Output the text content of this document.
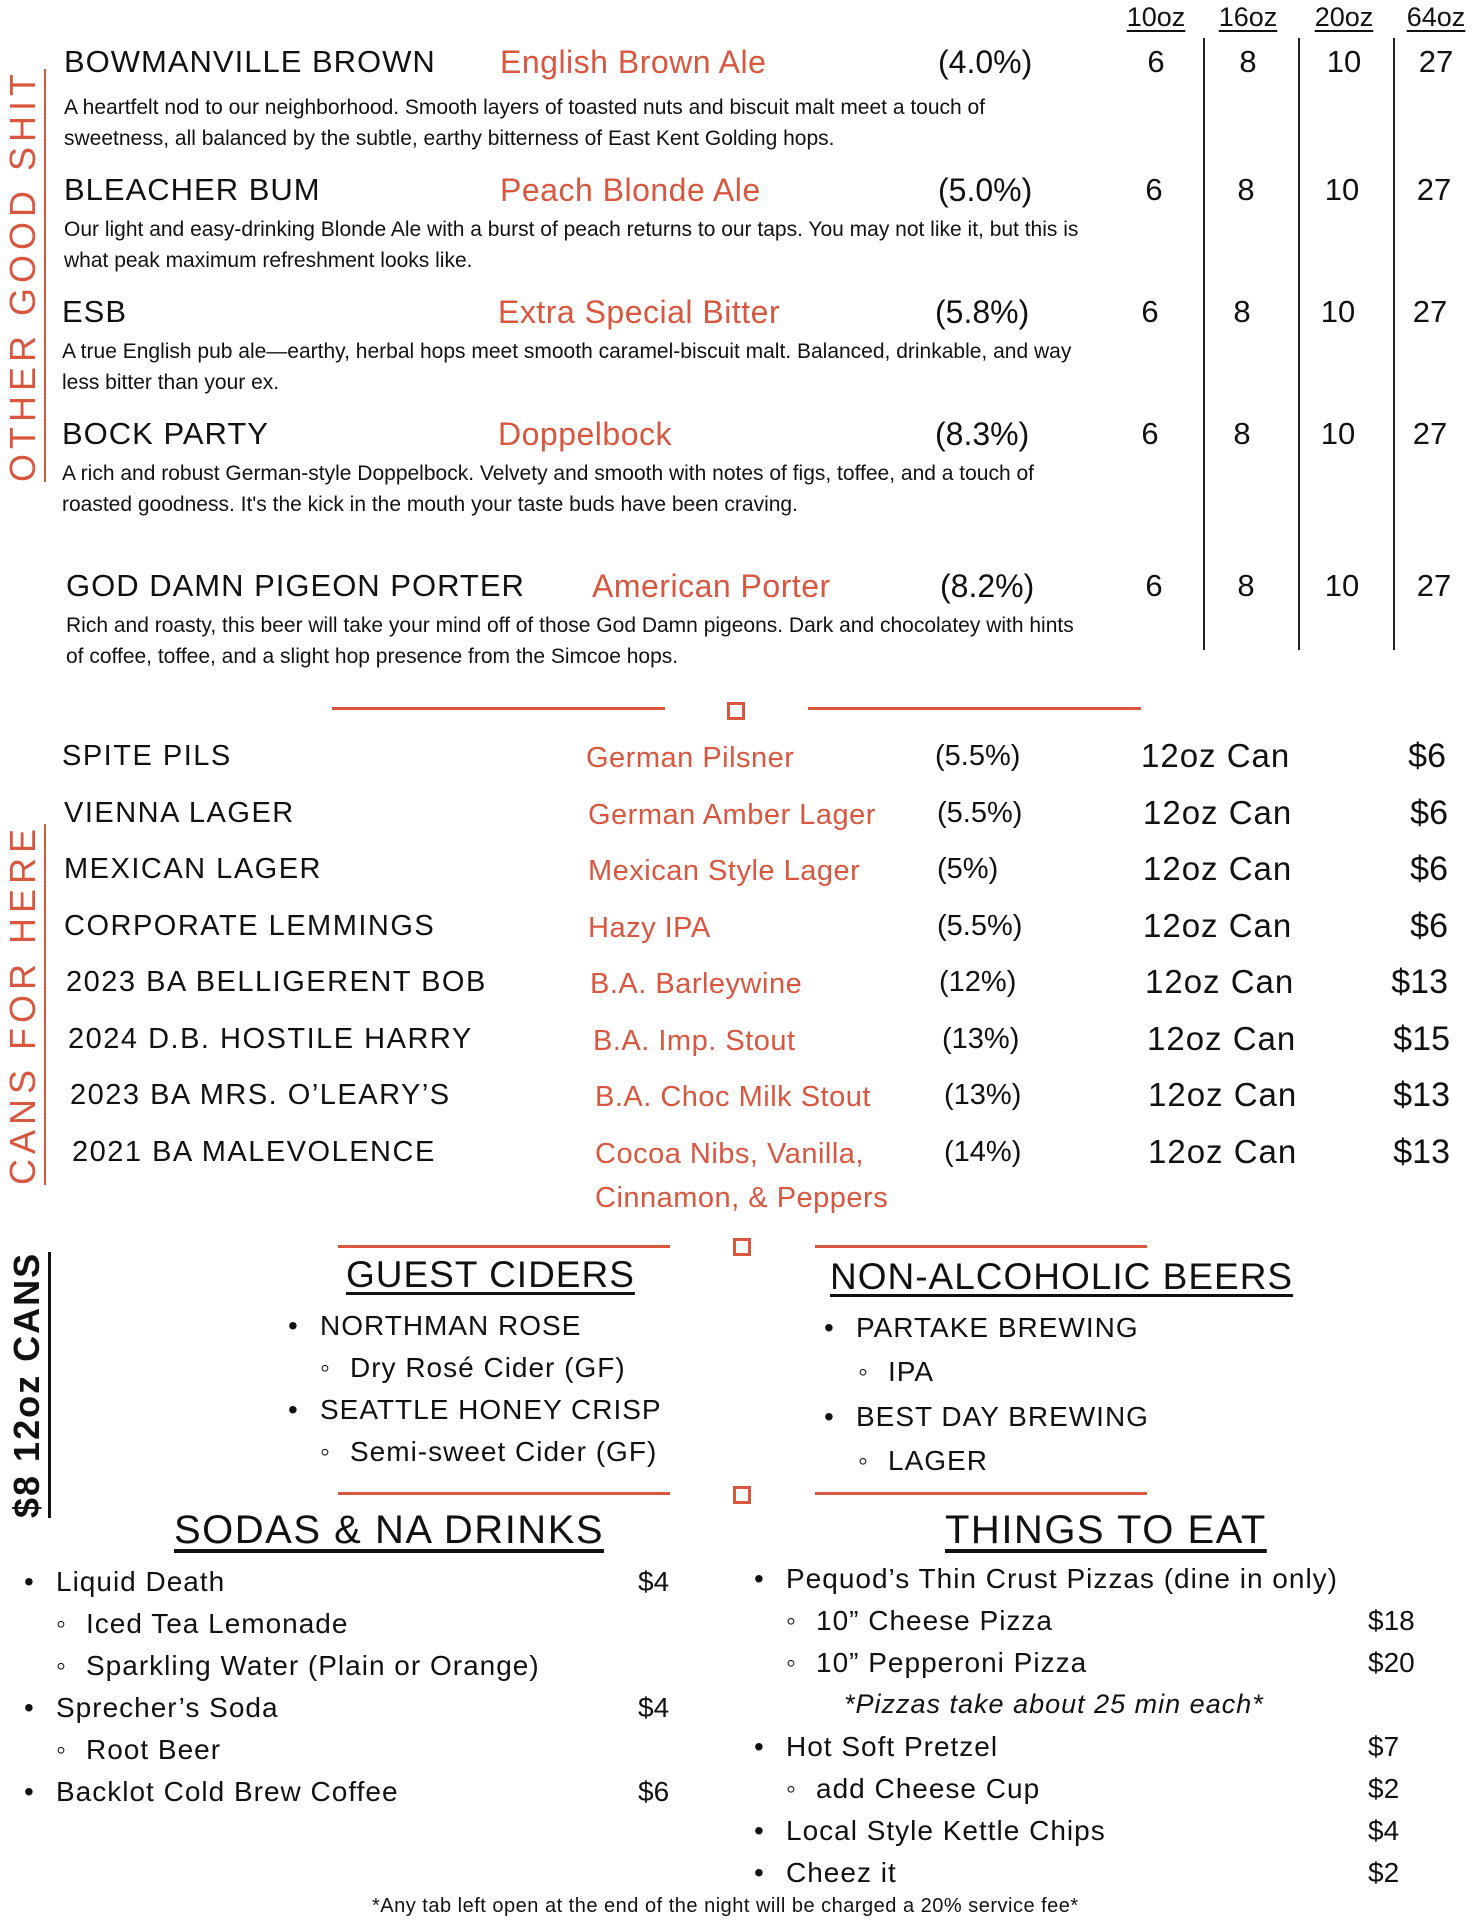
OTHER GOOD SHIT
CANS FOR HERE
$8 12oz CANS
10oz	16oz	20oz	64oz
BOWMANVILLE BROWN English Brown Ale	(4.0%)
A heartfelt nod to our neighborhood. Smooth layers of toasted nuts and biscuit malt meet a touch of sweetness, all balanced by the subtle, earthy bitterness of East Kent Golding hops.
6	8	10	27
BLEACHER BUM	Peach Blonde Ale	(5.0%)
Our light and easy-drinking Blonde Ale with a burst of peach returns to our taps. You may not like it, but this is what peak maximum refreshment looks like.
6	8	10	27
ESB	Extra Special Bitter	(5.8%)
A true English pub ale—earthy, herbal hops meet smooth caramel-biscuit malt. Balanced, drinkable, and way less bitter than your ex.
6	8	10	27
BOCK PARTY	Doppelbock	(8.3%)
A rich and robust German-style Doppelbock. Velvety and smooth with notes of figs, toffee, and a touch of roasted goodness. It's the kick in the mouth your taste buds have been craving.
6	8	10	27
GOD DAMN PIGEON PORTER American Porter	(8.2%)
Rich and roasty, this beer will take your mind off of those God Damn pigeons. Dark and chocolatey with hints of coffee, toffee, and a slight hop presence from the Simcoe hops.
6	8	10	27
SPITE PILS	German Pilsner	(5.5%)	12oz Can	$6
VIENNA LAGER	German Amber Lager (5.5%)	12oz Can	$6
MEXICAN LAGER	Mexican Style Lager	(5%)	12oz Can	$6
CORPORATE LEMMINGS	Hazy IPA	(5.5%)	12oz Can	$6
2023 BA BELLIGERENT BOB	B.A. Barleywine	(12%)	12oz Can	$13
2024 D.B. HOSTILE HARRY	B.A. Imp. Stout	(13%)	12oz Can	$15
2023 BA MRS. O’LEARY’S	B.A. Choc Milk Stout	(13%)	12oz Can	$13
2021 BA MALEVOLENCE	Cocoa Nibs, Vanilla,
Cinnamon, & Peppers
(14%)	12oz Can	$13
GUEST CIDERS
• NORTHMAN ROSE
◦ Dry Rosé Cider (GF)
• SEATTLE HONEY CRISP
◦ Semi-sweet Cider (GF)
NON-ALCOHOLIC BEERS
• PARTAKE BREWING
◦ IPA
• BEST DAY BREWING
◦ LAGER
SODAS & NA DRINKS
• Liquid Death	$4
◦ Iced Tea Lemonade
◦ Sparkling Water (Plain or Orange)
• Sprecher’s Soda	$4
◦ Root Beer
• Backlot Cold Brew Coffee	$6
THINGS TO EAT
• Pequod’s Thin Crust Pizzas (dine in only)
◦ 10” Cheese Pizza	$18
◦ 10” Pepperoni Pizza	$20
*Pizzas take about 25 min each*
• Hot Soft Pretzel	$7
◦ add Cheese Cup	$2
• Local Style Kettle Chips	$4
• Cheez it	$2
*Any tab left open at the end of the night will be charged a 20% service fee*
